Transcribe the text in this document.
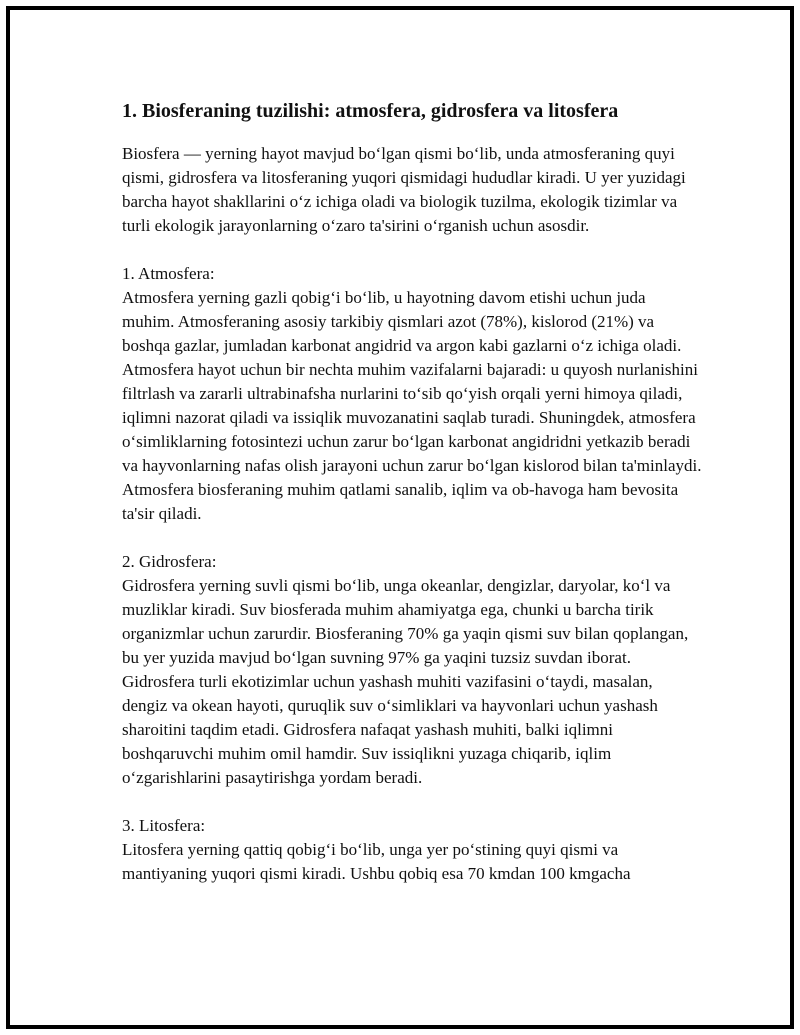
1. Biosferaning tuzilishi: atmosfera, gidrosfera va litosfera

Biosfera — yerning hayot mavjud bo‘lgan qismi bo‘lib, unda atmosferaning quyi qismi, gidrosfera va litosferaning yuqori qismidagi hududlar kiradi. U yer yuzidagi barcha hayot shakllarini o‘z ichiga oladi va biologik tuzilma, ekologik tizimlar va turli ekologik jarayonlarning o‘zaro ta'sirini o‘rganish uchun asosdir.

1. Atmosfera:

Atmosfera yerning gazli qobig‘i bo‘lib, u hayotning davom etishi uchun juda muhim. Atmosferaning asosiy tarkibiy qismlari azot (78%), kislorod (21%) va boshqa gazlar, jumladan karbonat angidrid va argon kabi gazlarni o‘z ichiga oladi. Atmosfera hayot uchun bir nechta muhim vazifalarni bajaradi: u quyosh nurlanishini filtrlash va zararli ultrabinafsha nurlarini to‘sib qo‘yish orqali yerni himoya qiladi, iqlimni nazorat qiladi va issiqlik muvozanatini saqlab turadi. Shuningdek, atmosfera o‘simliklarning fotosintezi uchun zarur bo‘lgan karbonat angidridni yetkazib beradi va hayvonlarning nafas olish jarayoni uchun zarur bo‘lgan kislorod bilan ta'minlaydi. Atmosfera biosferaning muhim qatlami sanalib, iqlim va ob-havoga ham bevosita ta'sir qiladi.

2. Gidrosfera:

Gidrosfera yerning suvli qismi bo‘lib, unga okeanlar, dengizlar, daryolar, ko‘l va muzliklar kiradi. Suv biosferada muhim ahamiyatga ega, chunki u barcha tirik organizmlar uchun zarurdir. Biosferaning 70% ga yaqin qismi suv bilan qoplangan, bu yer yuzida mavjud bo‘lgan suvning 97% ga yaqini tuzsiz suvdan iborat. Gidrosfera turli ekotizimlar uchun yashash muhiti vazifasini o‘taydi, masalan, dengiz va okean hayoti, quruqlik suv o‘simliklari va hayvonlari uchun yashash sharoitini taqdim etadi. Gidrosfera nafaqat yashash muhiti, balki iqlimni boshqaruvchi muhim omil hamdir. Suv issiqlikni yuzaga chiqarib, iqlim o‘zgarishlarini pasaytirishga yordam beradi.

3. Litosfera:

Litosfera yerning qattiq qobig‘i bo‘lib, unga yer po‘stining quyi qismi va mantiyaning yuqori qismi kiradi. Ushbu qobiq esa 70 kmdan 100 kmgacha
